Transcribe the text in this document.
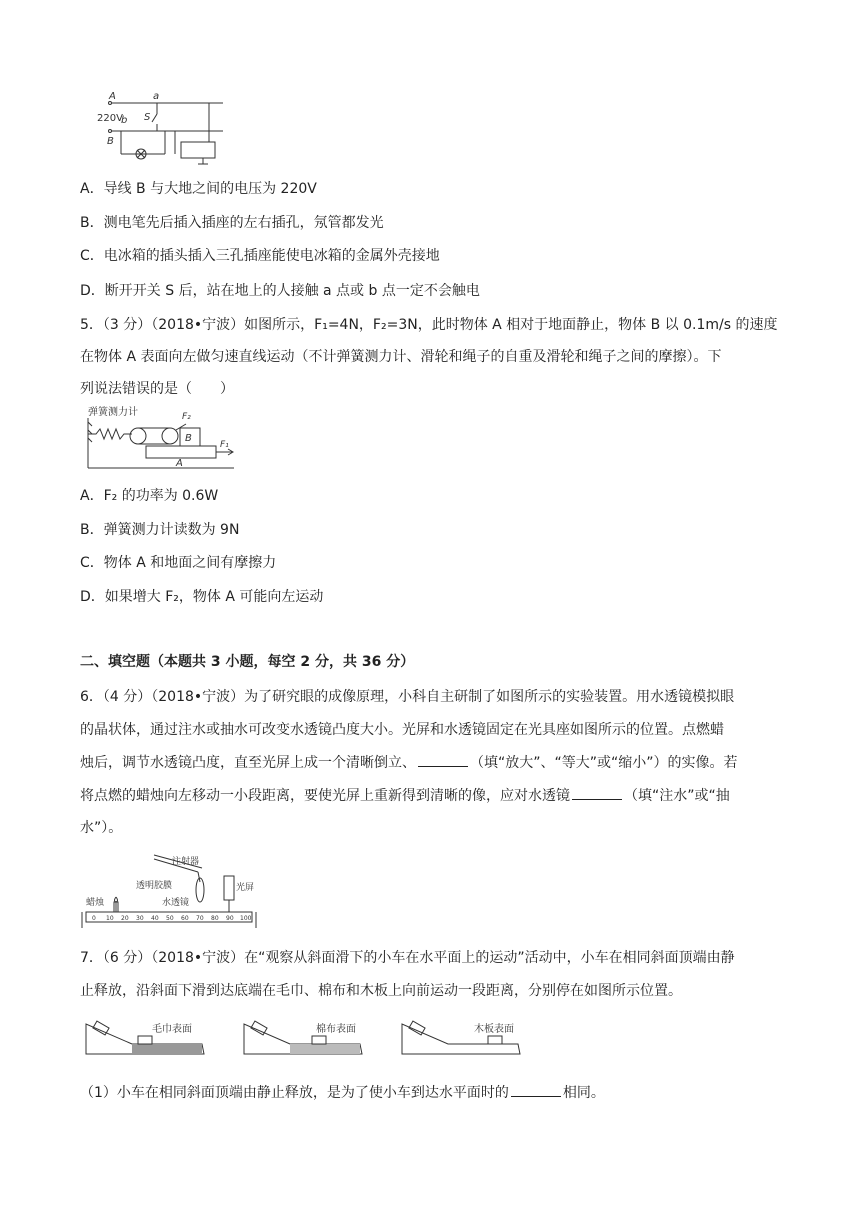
A	a
220V
b S
B
A．导线 B 与大地之间的电压为 220V
B．测电笔先后插入插座的左右插孔，氖管都发光
C．电冰箱的插头插入三孔插座能使电冰箱的金属外壳接地
D．断开开关 S 后，站在地上的人接触 a 点或 b 点一定不会触电
5．（3 分）（2018•宁波）如图所示，F₁=4N，F₂=3N，此时物体 A 相对于地面静止，物体 B 以 0.1m/s 的速度
在物体 A 表面向左做匀速直线运动（不计弹簧测力计、滑轮和绳子的自重及滑轮和绳子之间的摩擦）。下
列说法错误的是（　　）
弹簧测力计	F₂
B
A
F₁
A．F₂ 的功率为 0.6W
B．弹簧测力计读数为 9N
C．物体 A 和地面之间有摩擦力
D．如果增大 F₂，物体 A 可能向左运动
二、填空题（本题共 3 小题，每空 2 分，共 36 分）
6．（4 分）（2018•宁波）为了研究眼的成像原理，小科自主研制了如图所示的实验装置。用水透镜模拟眼
的晶状体，通过注水或抽水可改变水透镜凸度大小。光屏和水透镜固定在光具座如图所示的位置。点燃蜡
烛后，调节水透镜凸度，直至光屏上成一个清晰倒立、	（填“放大”、“等大”或“缩小”）的实像。若
将点燃的蜡烛向左移动一小段距离，要使光屏上重新得到清晰的像，应对水透镜	（填“注水”或“抽
水”）。
注射器
透明胶膜	光屏
蜡烛	水透镜
0 10 20 30 40 50 60 70 80 90 100
7．（6 分）（2018•宁波）在“观察从斜面滑下的小车在水平面上的运动”活动中，小车在相同斜面顶端由静
止释放，沿斜面下滑到达底端在毛巾、棉布和木板上向前运动一段距离，分别停在如图所示位置。
毛巾表面	棉布表面	木板表面
（1）小车在相同斜面顶端由静止释放，是为了使小车到达水平面时的	相同。
